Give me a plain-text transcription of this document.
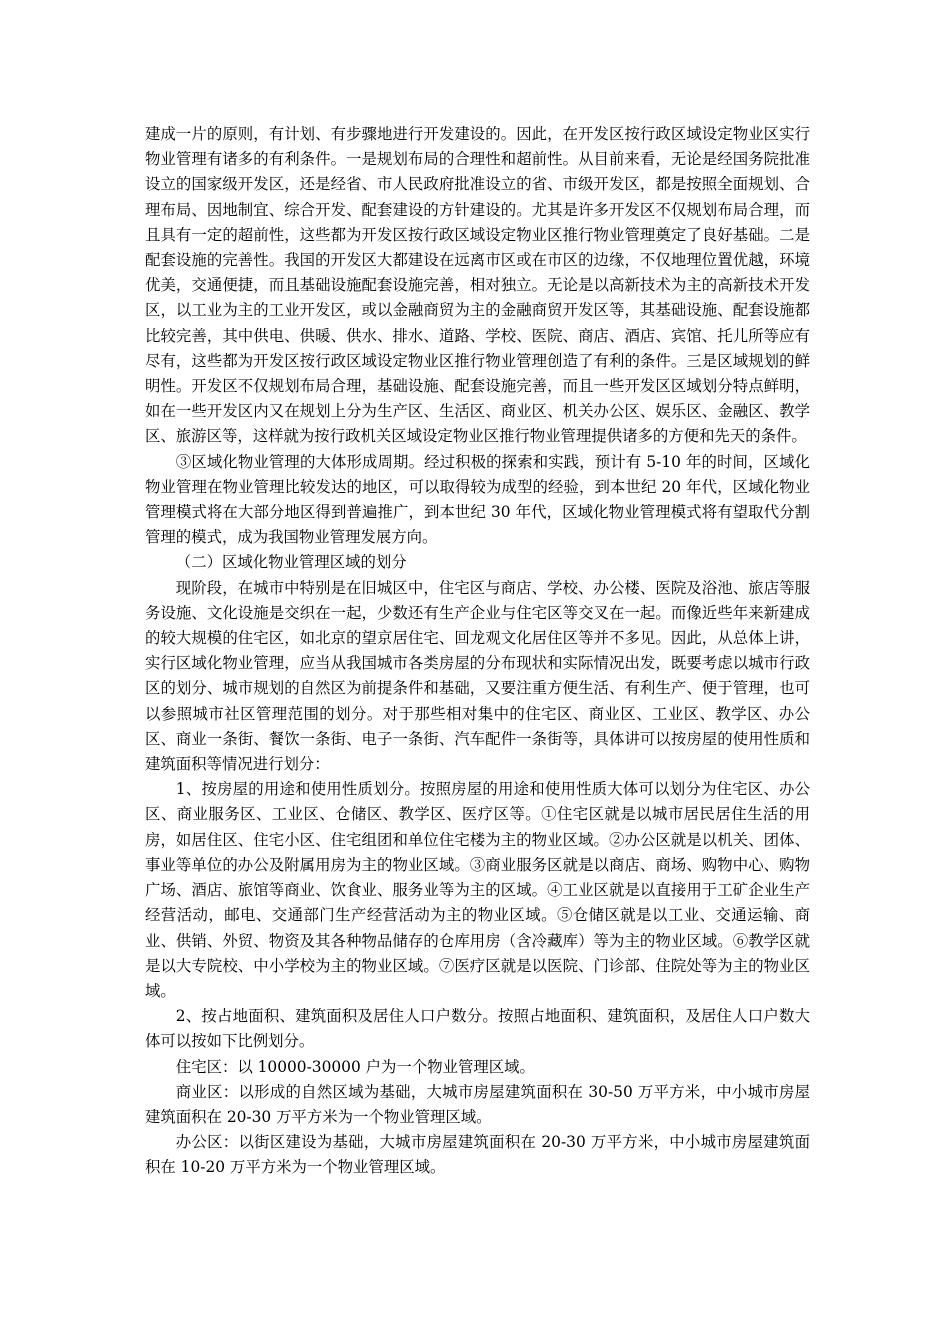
建成一片的原则，有计划、有步骤地进行开发建设的。因此，在开发区按行政区域设定物业区实行物业管理有诸多的有利条件。一是规划布局的合理性和超前性。从目前来看，无论是经国务院批准设立的国家级开发区，还是经省、市人民政府批准设立的省、市级开发区，都是按照全面规划、合理布局、因地制宜、综合开发、配套建设的方针建设的。尤其是许多开发区不仅规划布局合理，而且具有一定的超前性，这些都为开发区按行政区域设定物业区推行物业管理奠定了良好基础。二是配套设施的完善性。我国的开发区大都建设在远离市区或在市区的边缘，不仅地理位置优越，环境优美，交通便捷，而且基础设施配套设施完善，相对独立。无论是以高新技术为主的高新技术开发区，以工业为主的工业开发区，或以金融商贸为主的金融商贸开发区等，其基础设施、配套设施都比较完善，其中供电、供暖、供水、排水、道路、学校、医院、商店、酒店、宾馆、托儿所等应有尽有，这些都为开发区按行政区域设定物业区推行物业管理创造了有利的条件。三是区域规划的鲜明性。开发区不仅规划布局合理，基础设施、配套设施完善，而且一些开发区区域划分特点鲜明，如在一些开发区内又在规划上分为生产区、生活区、商业区、机关办公区、娱乐区、金融区、教学区、旅游区等，这样就为按行政机关区域设定物业区推行物业管理提供诸多的方便和先天的条件。

③区域化物业管理的大体形成周期。经过积极的探索和实践，预计有 5-10 年的时间，区域化物业管理在物业管理比较发达的地区，可以取得较为成型的经验，到本世纪 20 年代，区域化物业管理模式将在大部分地区得到普遍推广，到本世纪 30 年代，区域化物业管理模式将有望取代分割管理的模式，成为我国物业管理发展方向。

（二）区域化物业管理区域的划分

现阶段，在城市中特别是在旧城区中，住宅区与商店、学校、办公楼、医院及浴池、旅店等服务设施、文化设施是交织在一起，少数还有生产企业与住宅区等交叉在一起。而像近些年来新建成的较大规模的住宅区，如北京的望京居住宅、回龙观文化居住区等并不多见。因此，从总体上讲，实行区域化物业管理，应当从我国城市各类房屋的分布现状和实际情况出发，既要考虑以城市行政区的划分、城市规划的自然区为前提条件和基础，又要注重方便生活、有利生产、便于管理，也可以参照城市社区管理范围的划分。对于那些相对集中的住宅区、商业区、工业区、教学区、办公区、商业一条街、餐饮一条街、电子一条街、汽车配件一条街等，具体讲可以按房屋的使用性质和建筑面积等情况进行划分：

1、按房屋的用途和使用性质划分。按照房屋的用途和使用性质大体可以划分为住宅区、办公区、商业服务区、工业区、仓储区、教学区、医疗区等。①住宅区就是以城市居民居住生活的用房，如居住区、住宅小区、住宅组团和单位住宅楼为主的物业区域。②办公区就是以机关、团体、事业等单位的办公及附属用房为主的物业区域。③商业服务区就是以商店、商场、购物中心、购物广场、酒店、旅馆等商业、饮食业、服务业等为主的区域。④工业区就是以直接用于工矿企业生产经营活动，邮电、交通部门生产经营活动为主的物业区域。⑤仓储区就是以工业、交通运输、商业、供销、外贸、物资及其各种物品储存的仓库用房（含冷藏库）等为主的物业区域。⑥教学区就是以大专院校、中小学校为主的物业区域。⑦医疗区就是以医院、门诊部、住院处等为主的物业区域。

2、按占地面积、建筑面积及居住人口户数分。按照占地面积、建筑面积，及居住人口户数大体可以按如下比例划分。

住宅区：以 10000-30000 户为一个物业管理区域。

商业区：以形成的自然区域为基础，大城市房屋建筑面积在 30-50 万平方米，中小城市房屋建筑面积在 20-30 万平方米为一个物业管理区域。

办公区：以街区建设为基础，大城市房屋建筑面积在 20-30 万平方米，中小城市房屋建筑面积在 10-20 万平方米为一个物业管理区域。
